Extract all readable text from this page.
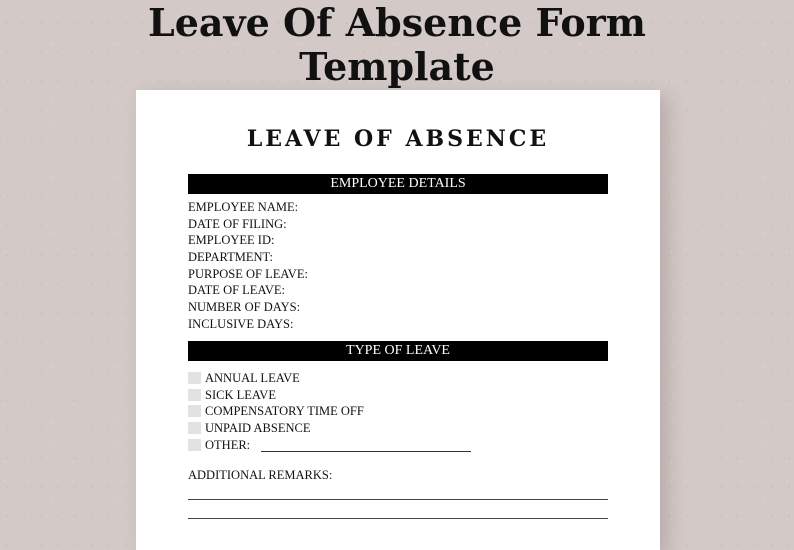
Leave Of Absence Form
Template
LEAVE OF ABSENCE
EMPLOYEE DETAILS
EMPLOYEE NAME:
DATE OF FILING:
EMPLOYEE ID:
DEPARTMENT:
PURPOSE OF LEAVE:
DATE OF LEAVE:
NUMBER OF DAYS:
INCLUSIVE DAYS:
TYPE OF LEAVE
ANNUAL LEAVE
SICK LEAVE
COMPENSATORY TIME OFF
UNPAID ABSENCE
OTHER:
ADDITIONAL REMARKS:
